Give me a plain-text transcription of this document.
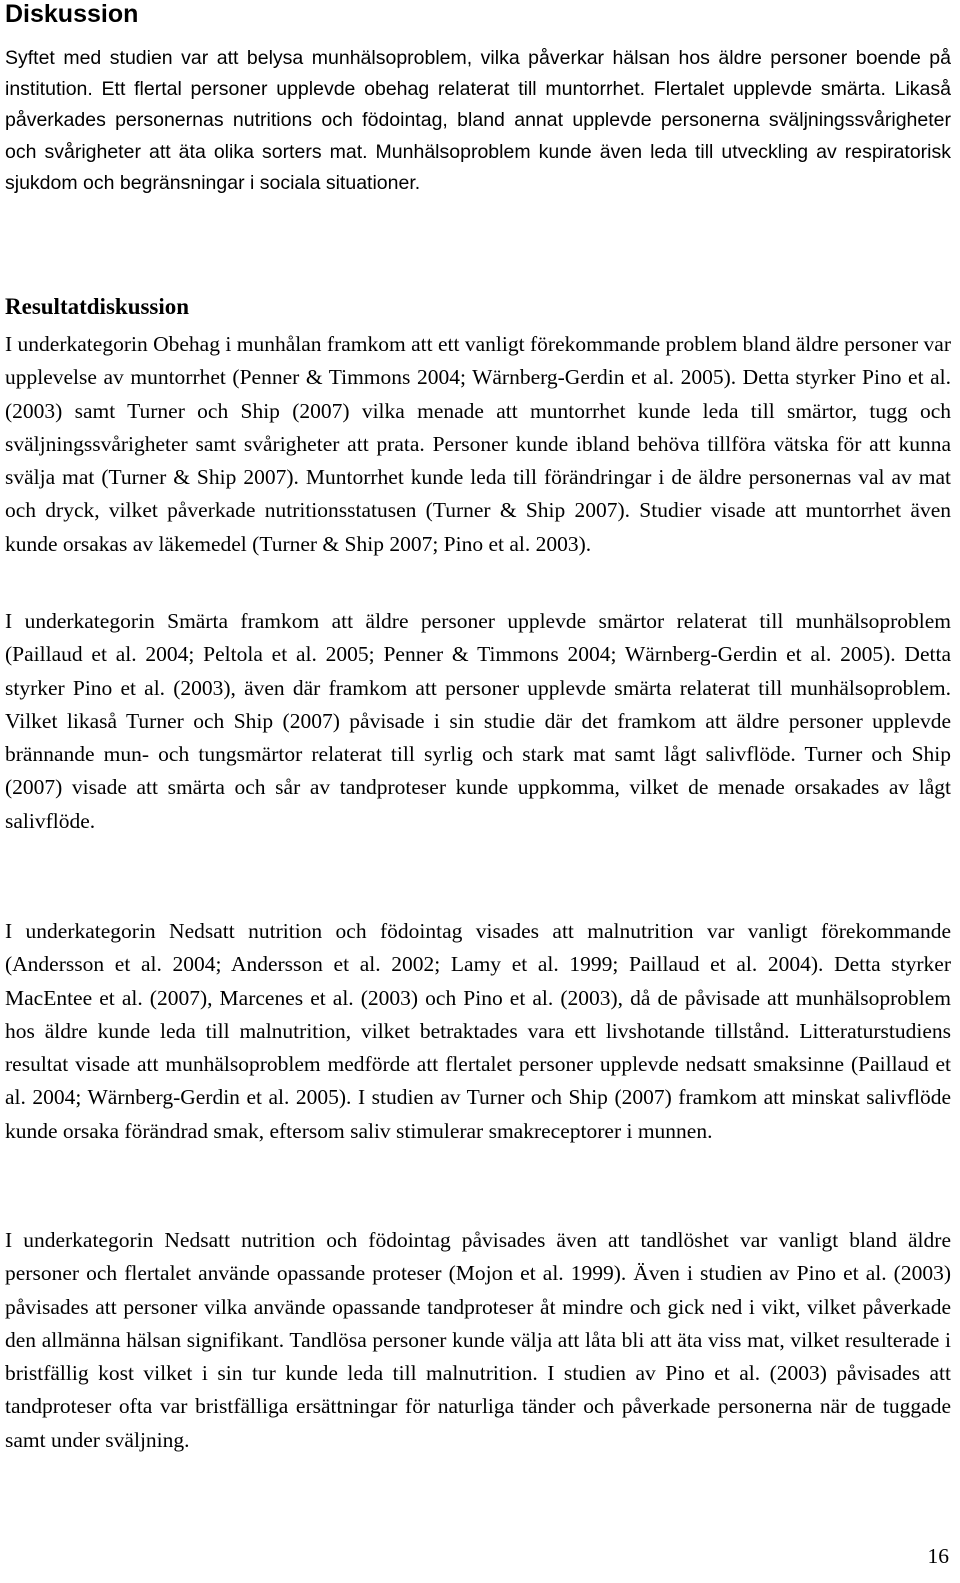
Diskussion

Syftet med studien var att belysa munhälsoproblem, vilka påverkar hälsan hos äldre personer boende på institution. Ett flertal personer upplevde obehag relaterat till muntorrhet. Flertalet upplevde smärta. Likaså påverkades personernas nutritions och födointag, bland annat upplevde personerna sväljningssvårigheter och svårigheter att äta olika sorters mat. Munhälsoproblem kunde även leda till utveckling av respiratorisk sjukdom och begränsningar i sociala situationer.

Resultatdiskussion

I underkategorin Obehag i munhålan framkom att ett vanligt förekommande problem bland äldre personer var upplevelse av muntorrhet (Penner & Timmons 2004; Wärnberg-Gerdin et al. 2005). Detta styrker Pino et al. (2003) samt Turner och Ship (2007) vilka menade att muntorrhet kunde leda till smärtor, tugg och sväljningssvårigheter samt svårigheter att prata. Personer kunde ibland behöva tillföra vätska för att kunna svälja mat (Turner & Ship 2007). Muntorrhet kunde leda till förändringar i de äldre personernas val av mat och dryck, vilket påverkade nutritionsstatusen (Turner & Ship 2007). Studier visade att muntorrhet även kunde orsakas av läkemedel (Turner & Ship 2007; Pino et al. 2003).

I underkategorin Smärta framkom att äldre personer upplevde smärtor relaterat till munhälsoproblem (Paillaud et al. 2004; Peltola et al. 2005; Penner & Timmons 2004; Wärnberg-Gerdin et al. 2005). Detta styrker Pino et al. (2003), även där framkom att personer upplevde smärta relaterat till munhälsoproblem. Vilket likaså Turner och Ship (2007) påvisade i sin studie där det framkom att äldre personer upplevde brännande mun- och tungsmärtor relaterat till syrlig och stark mat samt lågt salivflöde. Turner och Ship (2007) visade att smärta och sår av tandproteser kunde uppkomma, vilket de menade orsakades av lågt salivflöde.

I underkategorin Nedsatt nutrition och födointag visades att malnutrition var vanligt förekommande (Andersson et al. 2004; Andersson et al. 2002; Lamy et al. 1999; Paillaud et al. 2004). Detta styrker MacEntee et al. (2007), Marcenes et al. (2003) och Pino et al. (2003), då de påvisade att munhälsoproblem hos äldre kunde leda till malnutrition, vilket betraktades vara ett livshotande tillstånd. Litteraturstudiens resultat visade att munhälsoproblem medförde att flertalet personer upplevde nedsatt smaksinne (Paillaud et al. 2004; Wärnberg-Gerdin et al. 2005). I studien av Turner och Ship (2007) framkom att minskat salivflöde kunde orsaka förändrad smak, eftersom saliv stimulerar smakreceptorer i munnen.

I underkategorin Nedsatt nutrition och födointag påvisades även att tandlöshet var vanligt bland äldre personer och flertalet använde opassande proteser (Mojon et al. 1999). Även i studien av Pino et al. (2003) påvisades att personer vilka använde opassande tandproteser åt mindre och gick ned i vikt, vilket påverkade den allmänna hälsan signifikant. Tandlösa personer kunde välja att låta bli att äta viss mat, vilket resulterade i bristfällig kost vilket i sin tur kunde leda till malnutrition. I studien av Pino et al. (2003) påvisades att tandproteser ofta var bristfälliga ersättningar för naturliga tänder och påverkade personerna när de tuggade samt under sväljning.

16
